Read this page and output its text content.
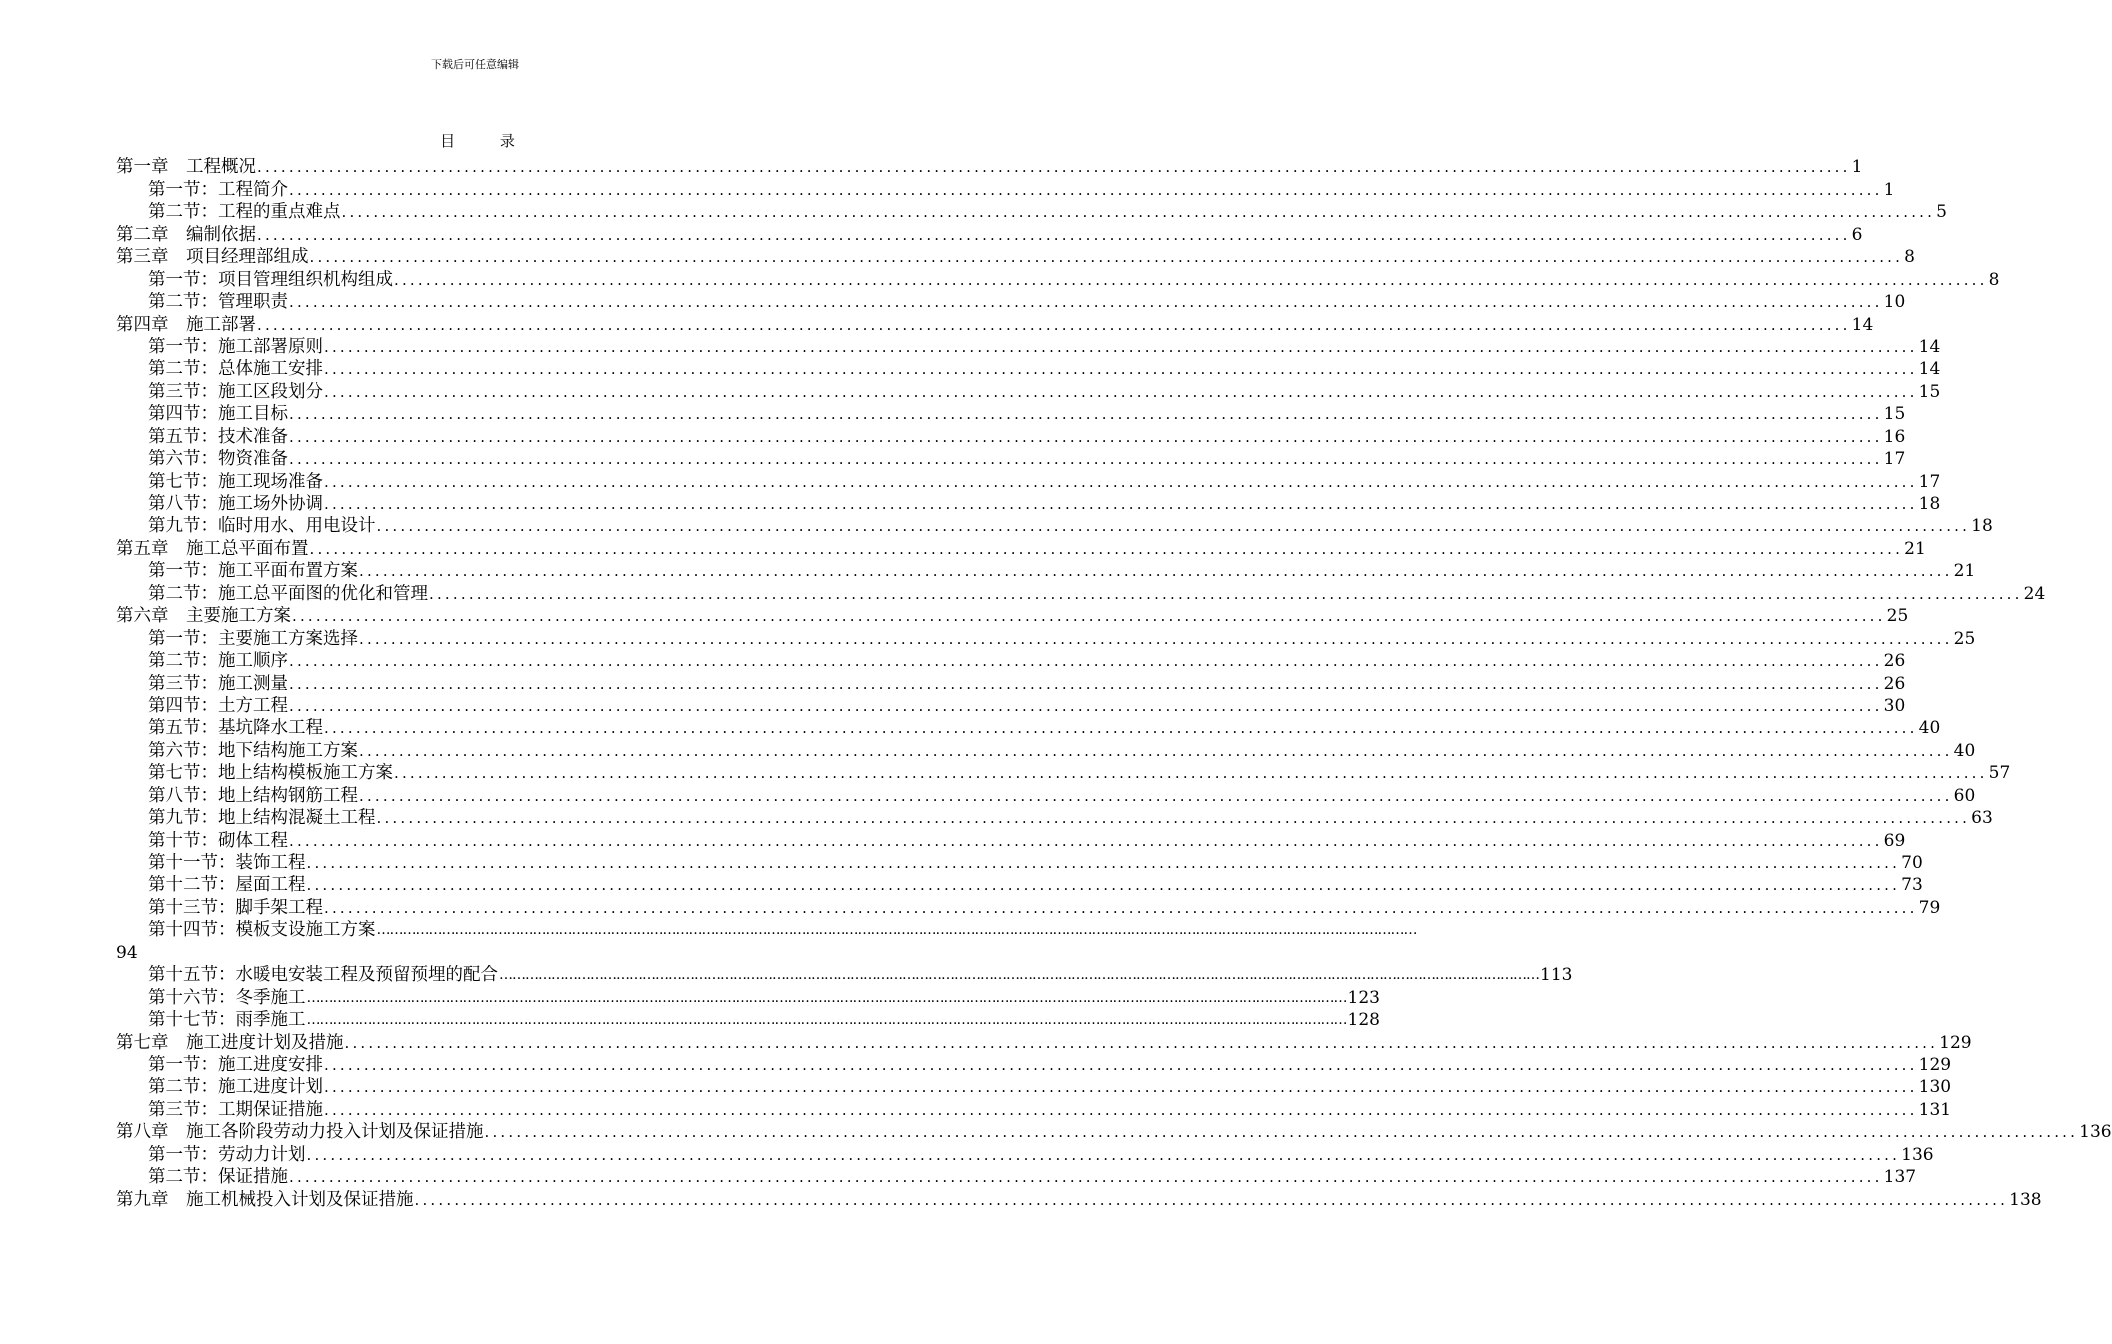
下载后可任意编辑
目 录
第一章　工程概况 ........................................................................................................................................................................................................ 1
第一节：工程简介 ........................................................................................................................................................................................................ 1
第二节：工程的重点难点 ........................................................................................................................................................................................................ 5
第二章　编制依据 ........................................................................................................................................................................................................ 6
第三章　项目经理部组成 ........................................................................................................................................................................................................ 8
第一节：项目管理组织机构组成 ........................................................................................................................................................................................................ 8
第二节：管理职责 ........................................................................................................................................................................................................ 10
第四章　施工部署 ........................................................................................................................................................................................................ 14
第一节：施工部署原则 ........................................................................................................................................................................................................ 14
第二节：总体施工安排 ........................................................................................................................................................................................................ 14
第三节：施工区段划分 ........................................................................................................................................................................................................ 15
第四节：施工目标 ........................................................................................................................................................................................................ 15
第五节：技术准备 ........................................................................................................................................................................................................ 16
第六节：物资准备 ........................................................................................................................................................................................................ 17
第七节：施工现场准备 ........................................................................................................................................................................................................ 17
第八节：施工场外协调 ........................................................................................................................................................................................................ 18
第九节：临时用水、用电设计 ........................................................................................................................................................................................................ 18
第五章　施工总平面布置 ........................................................................................................................................................................................................ 21
第一节：施工平面布置方案 ........................................................................................................................................................................................................ 21
第二节：施工总平面图的优化和管理 ........................................................................................................................................................................................................ 24
第六章　主要施工方案 ........................................................................................................................................................................................................ 25
第一节：主要施工方案选择 ........................................................................................................................................................................................................ 25
第二节：施工顺序 ........................................................................................................................................................................................................ 26
第三节：施工测量 ........................................................................................................................................................................................................ 26
第四节：土方工程 ........................................................................................................................................................................................................ 30
第五节：基坑降水工程 ........................................................................................................................................................................................................ 40
第六节：地下结构施工方案 ........................................................................................................................................................................................................ 40
第七节：地上结构模板施工方案 ........................................................................................................................................................................................................ 57
第八节：地上结构钢筋工程 ........................................................................................................................................................................................................ 60
第九节：地上结构混凝土工程 ........................................................................................................................................................................................................ 63
第十节：砌体工程 ........................................................................................................................................................................................................ 69
第十一节：装饰工程 ........................................................................................................................................................................................................ 70
第十二节：屋面工程 ........................................................................................................................................................................................................ 73
第十三节：脚手架工程 ........................................................................................................................................................................................................ 79
第十四节：模板支设施工方案 ……………………………………………………………………………………………………………………………………………………………………………………………………………………
94
第十五节：水暖电安装工程及预留预埋的配合 …………………………………………………………………………………………………………………………………………………………………………………………………………………… 113
第十六节：冬季施工 …………………………………………………………………………………………………………………………………………………………………………………………………………………… 123
第十七节：雨季施工 …………………………………………………………………………………………………………………………………………………………………………………………………………………… 128
第七章　施工进度计划及措施 ........................................................................................................................................................................................................ 129
第一节：施工进度安排 ........................................................................................................................................................................................................ 129
第二节：施工进度计划 ........................................................................................................................................................................................................ 130
第三节：工期保证措施 ........................................................................................................................................................................................................ 131
第八章　施工各阶段劳动力投入计划及保证措施 ........................................................................................................................................................................................................ 136
第一节：劳动力计划 ........................................................................................................................................................................................................ 136
第二节：保证措施 ........................................................................................................................................................................................................ 137
第九章　施工机械投入计划及保证措施 ........................................................................................................................................................................................................ 138
